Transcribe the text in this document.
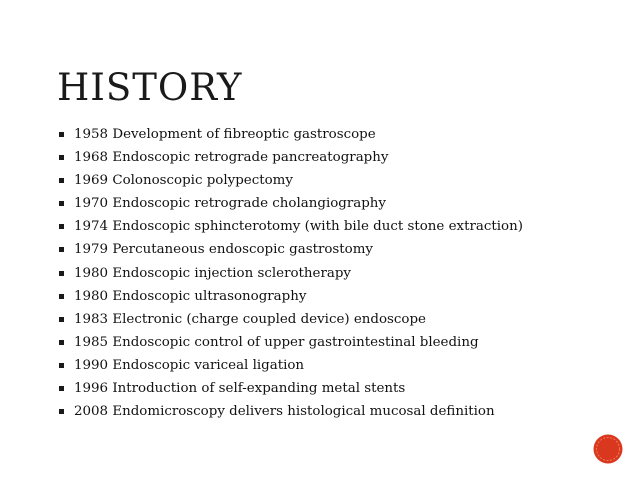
HISTORY
1958 Development of fibreoptic gastroscope
1968 Endoscopic retrograde pancreatography
1969 Colonoscopic polypectomy
1970 Endoscopic retrograde cholangiography
1974 Endoscopic sphincterotomy (with bile duct stone extraction)
1979 Percutaneous endoscopic gastrostomy
1980 Endoscopic injection sclerotherapy
1980 Endoscopic ultrasonography
1983 Electronic (charge coupled device) endoscope
1985 Endoscopic control of upper gastrointestinal bleeding
1990 Endoscopic variceal ligation
1996 Introduction of self-expanding metal stents
2008 Endomicroscopy delivers histological mucosal definition
